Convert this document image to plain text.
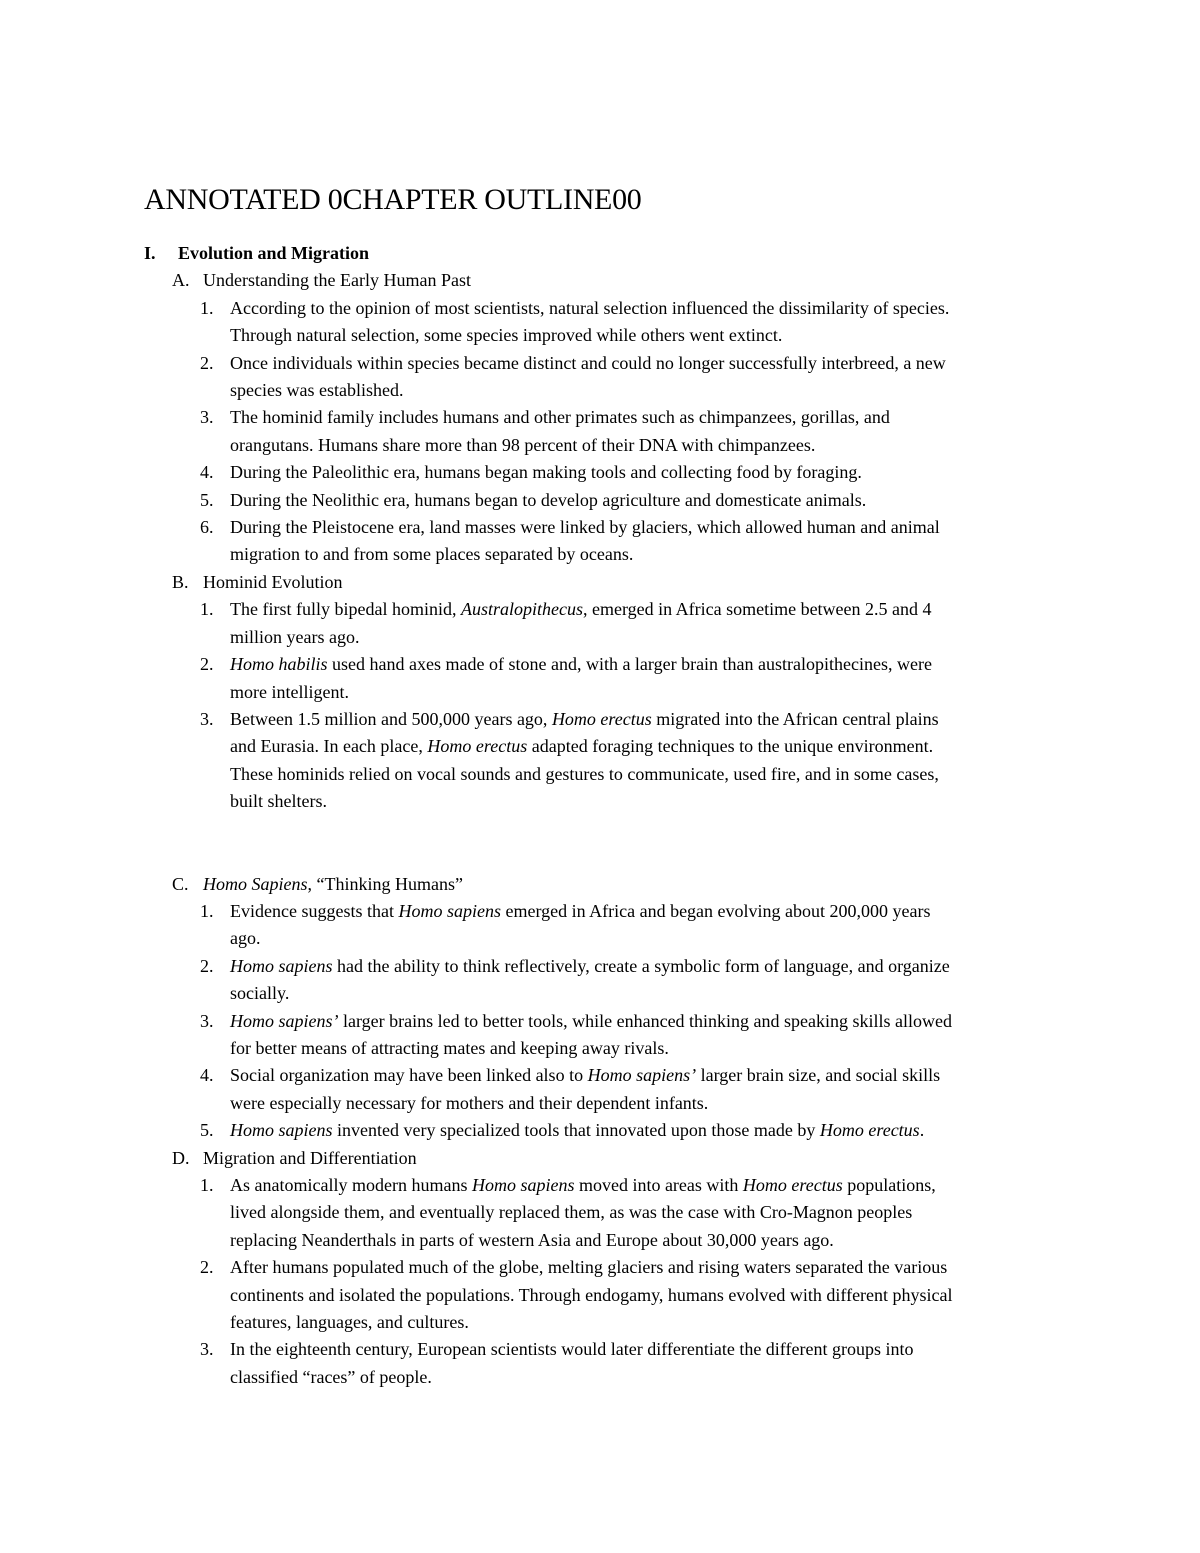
ANNOTATED 0CHAPTER OUTLINE00
I. Evolution and Migration
A. Understanding the Early Human Past
1. According to the opinion of most scientists, natural selection influenced the dissimilarity of species.
Through natural selection, some species improved while others went extinct.
2. Once individuals within species became distinct and could no longer successfully interbreed, a new
species was established.
3. The hominid family includes humans and other primates such as chimpanzees, gorillas, and
orangutans. Humans share more than 98 percent of their DNA with chimpanzees.
4. During the Paleolithic era, humans began making tools and collecting food by foraging.
5. During the Neolithic era, humans began to develop agriculture and domesticate animals.
6. During the Pleistocene era, land masses were linked by glaciers, which allowed human and animal
migration to and from some places separated by oceans.
B. Hominid Evolution
1. The first fully bipedal hominid, Australopithecus, emerged in Africa sometime between 2.5 and 4
million years ago.
2. Homo habilis used hand axes made of stone and, with a larger brain than australopithecines, were
more intelligent.
3. Between 1.5 million and 500,000 years ago, Homo erectus migrated into the African central plains
and Eurasia. In each place, Homo erectus adapted foraging techniques to the unique environment.
These hominids relied on vocal sounds and gestures to communicate, used fire, and in some cases,
built shelters.
C. Homo Sapiens, “Thinking Humans”
1. Evidence suggests that Homo sapiens emerged in Africa and began evolving about 200,000 years
ago.
2. Homo sapiens had the ability to think reflectively, create a symbolic form of language, and organize
socially.
3. Homo sapiens’ larger brains led to better tools, while enhanced thinking and speaking skills allowed
for better means of attracting mates and keeping away rivals.
4. Social organization may have been linked also to Homo sapiens’ larger brain size, and social skills
were especially necessary for mothers and their dependent infants.
5. Homo sapiens invented very specialized tools that innovated upon those made by Homo erectus.
D. Migration and Differentiation
1. As anatomically modern humans Homo sapiens moved into areas with Homo erectus populations,
lived alongside them, and eventually replaced them, as was the case with Cro-Magnon peoples
replacing Neanderthals in parts of western Asia and Europe about 30,000 years ago.
2. After humans populated much of the globe, melting glaciers and rising waters separated the various
continents and isolated the populations. Through endogamy, humans evolved with different physical
features, languages, and cultures.
3. In the eighteenth century, European scientists would later differentiate the different groups into
classified “races” of people.
